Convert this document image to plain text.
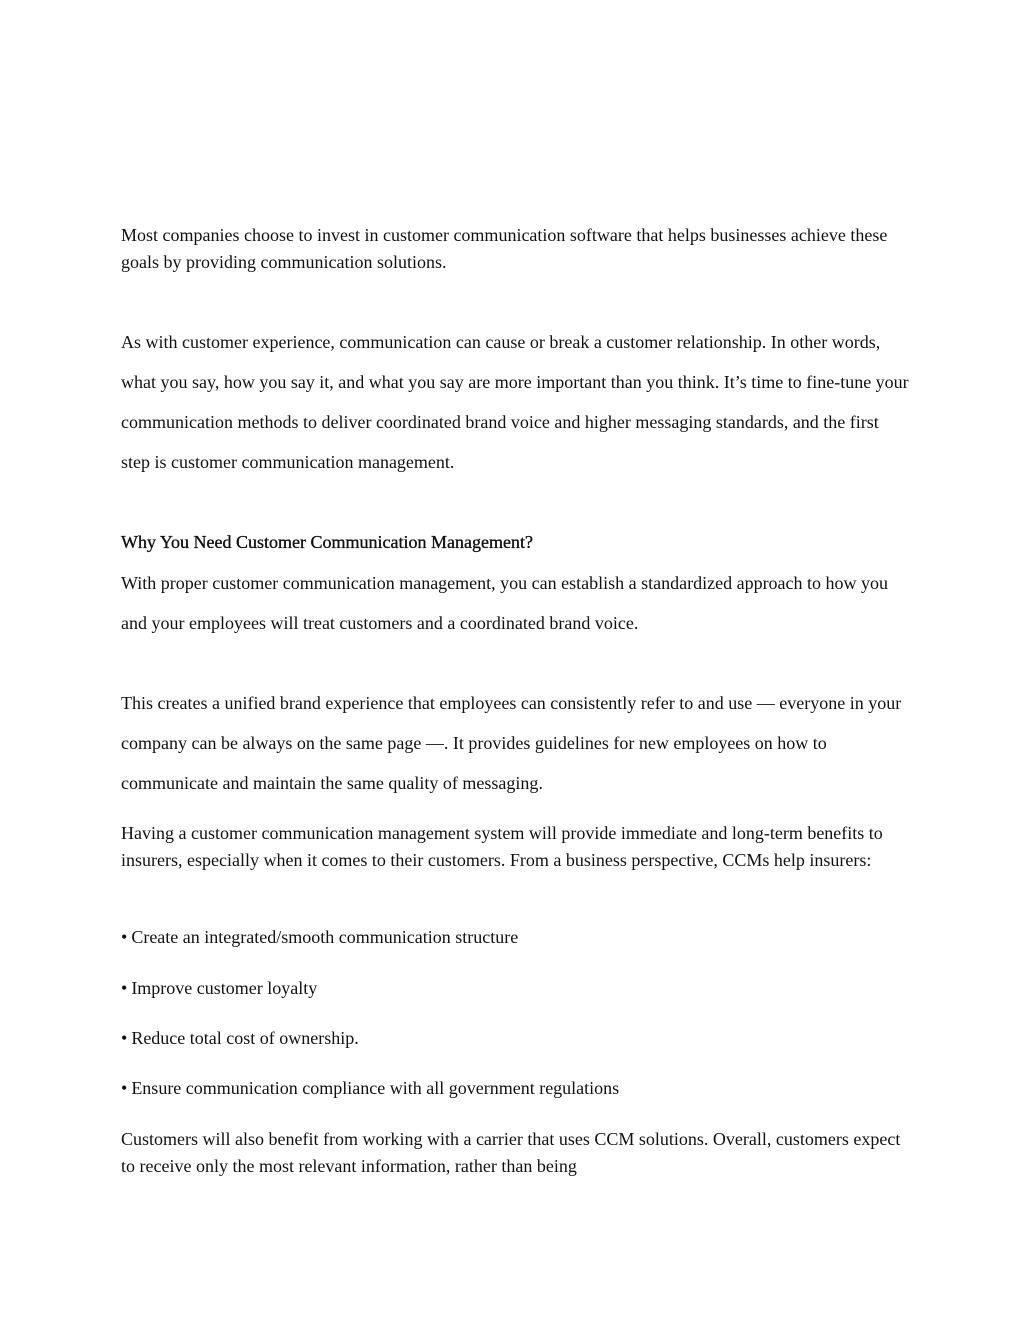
Most companies choose to invest in customer communication software that helps businesses achieve these goals by providing communication solutions.

As with customer experience, communication can cause or break a customer relationship. In other words, what you say, how you say it, and what you say are more important than you think. It’s time to fine-tune your communication methods to deliver coordinated brand voice and higher messaging standards, and the first step is customer communication management.

Why You Need Customer Communication Management?

With proper customer communication management, you can establish a standardized approach to how you and your employees will treat customers and a coordinated brand voice.

This creates a unified brand experience that employees can consistently refer to and use — everyone in your company can be always on the same page —. It provides guidelines for new employees on how to communicate and maintain the same quality of messaging.

Having a customer communication management system will provide immediate and long-term benefits to insurers, especially when it comes to their customers. From a business perspective, CCMs help insurers:

• Create an integrated/smooth communication structure

• Improve customer loyalty

• Reduce total cost of ownership.

• Ensure communication compliance with all government regulations

Customers will also benefit from working with a carrier that uses CCM solutions. Overall, customers expect to receive only the most relevant information, rather than being
